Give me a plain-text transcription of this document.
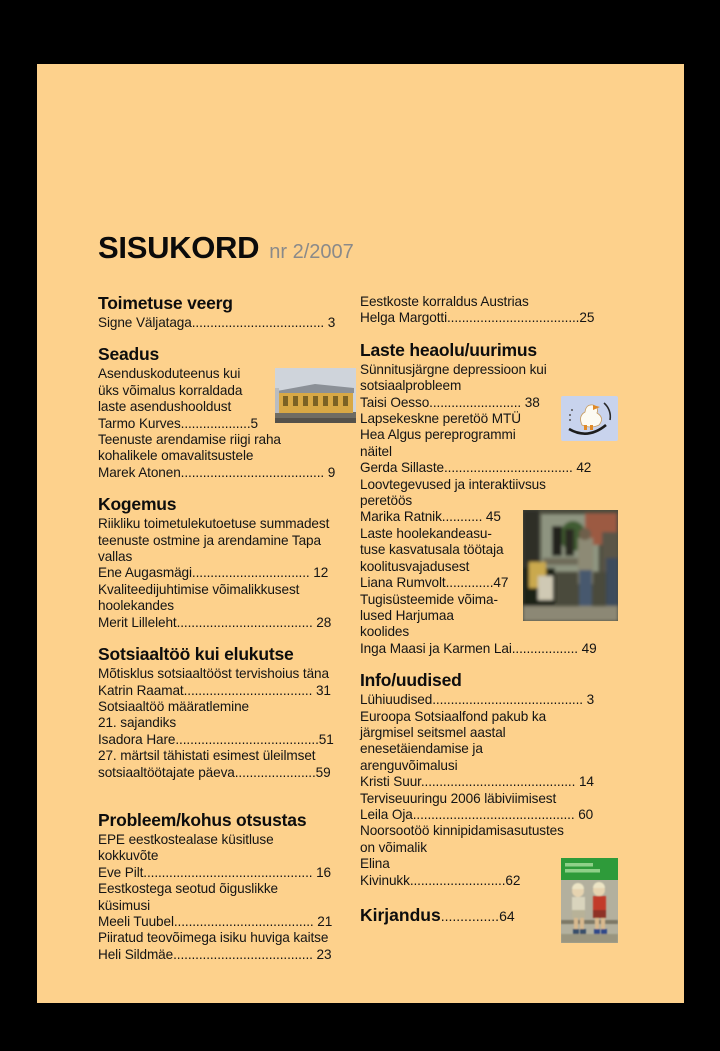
SISUKORD nr 2/2007
Toimetuse veerg
Signe Väljataga.................................... 3
Seadus
Asenduskoduteenus kui
üks võimalus korraldada
laste asendushooldust
Tarmo Kurves...................5
Teenuste arendamise riigi raha
kohalikele omavalitsustele
Marek Atonen....................................... 9
Kogemus
Riikliku toimetulekutoetuse summadest
teenuste ostmine ja arendamine Tapa
vallas
Ene Augasmägi................................ 12
Kvaliteedijuhtimise võimalikkusest
hoolekandes
Merit Lilleleht..................................... 28
Sotsiaaltöö kui elukutse
Mõtisklus sotsiaaltööst tervishoius täna
Katrin Raamat................................... 31
Sotsiaaltöö määratlemine
21. sajandiks
Isadora Hare.......................................51
27. märtsil tähistati esimest üleilmset
sotsiaaltöötajate päeva......................59
Probleem/kohus otsustas
EPE eestkostealase küsitluse
kokkuvõte
Eve Pilt.............................................. 16
Eestkostega seotud õiguslikke
küsimusi
Meeli Tuubel...................................... 21
Piiratud teovõimega isiku huviga kaitse
Heli Sildmäe...................................... 23
Eestkoste korraldus Austrias
Helga Margotti....................................25
Laste heaolu/uurimus
Sünnitusjärgne depressioon kui
sotsiaalprobleem
Taisi Oesso......................... 38
Lapsekeskne peretöö MTÜ
Hea Algus pereprogrammi
näitel
Gerda Sillaste................................... 42
Loovtegevused ja interaktiivsus
peretöös
Marika Ratnik........... 45
Laste hoolekandeasu-
tuse kasvatusala töötaja
koolitusvajadusest
Liana Rumvolt.............47
Tugisüsteemide võima-
lused Harjumaa
koolides
Inga Maasi ja Karmen Lai.................. 49
Info/uudised
Lühiuudised......................................... 3
Euroopa Sotsiaalfond pakub ka
järgmisel seitsmel aastal
enesetäiendamise ja
arenguvõimalusi
Kristi Suur.......................................... 14
Terviseuuringu 2006 läbiviimisest
Leila Oja............................................ 60
Noorsootöö kinnipidamisasutustes
on võimalik
Elina
Kivinukk..........................62
Kirjandus...............64
